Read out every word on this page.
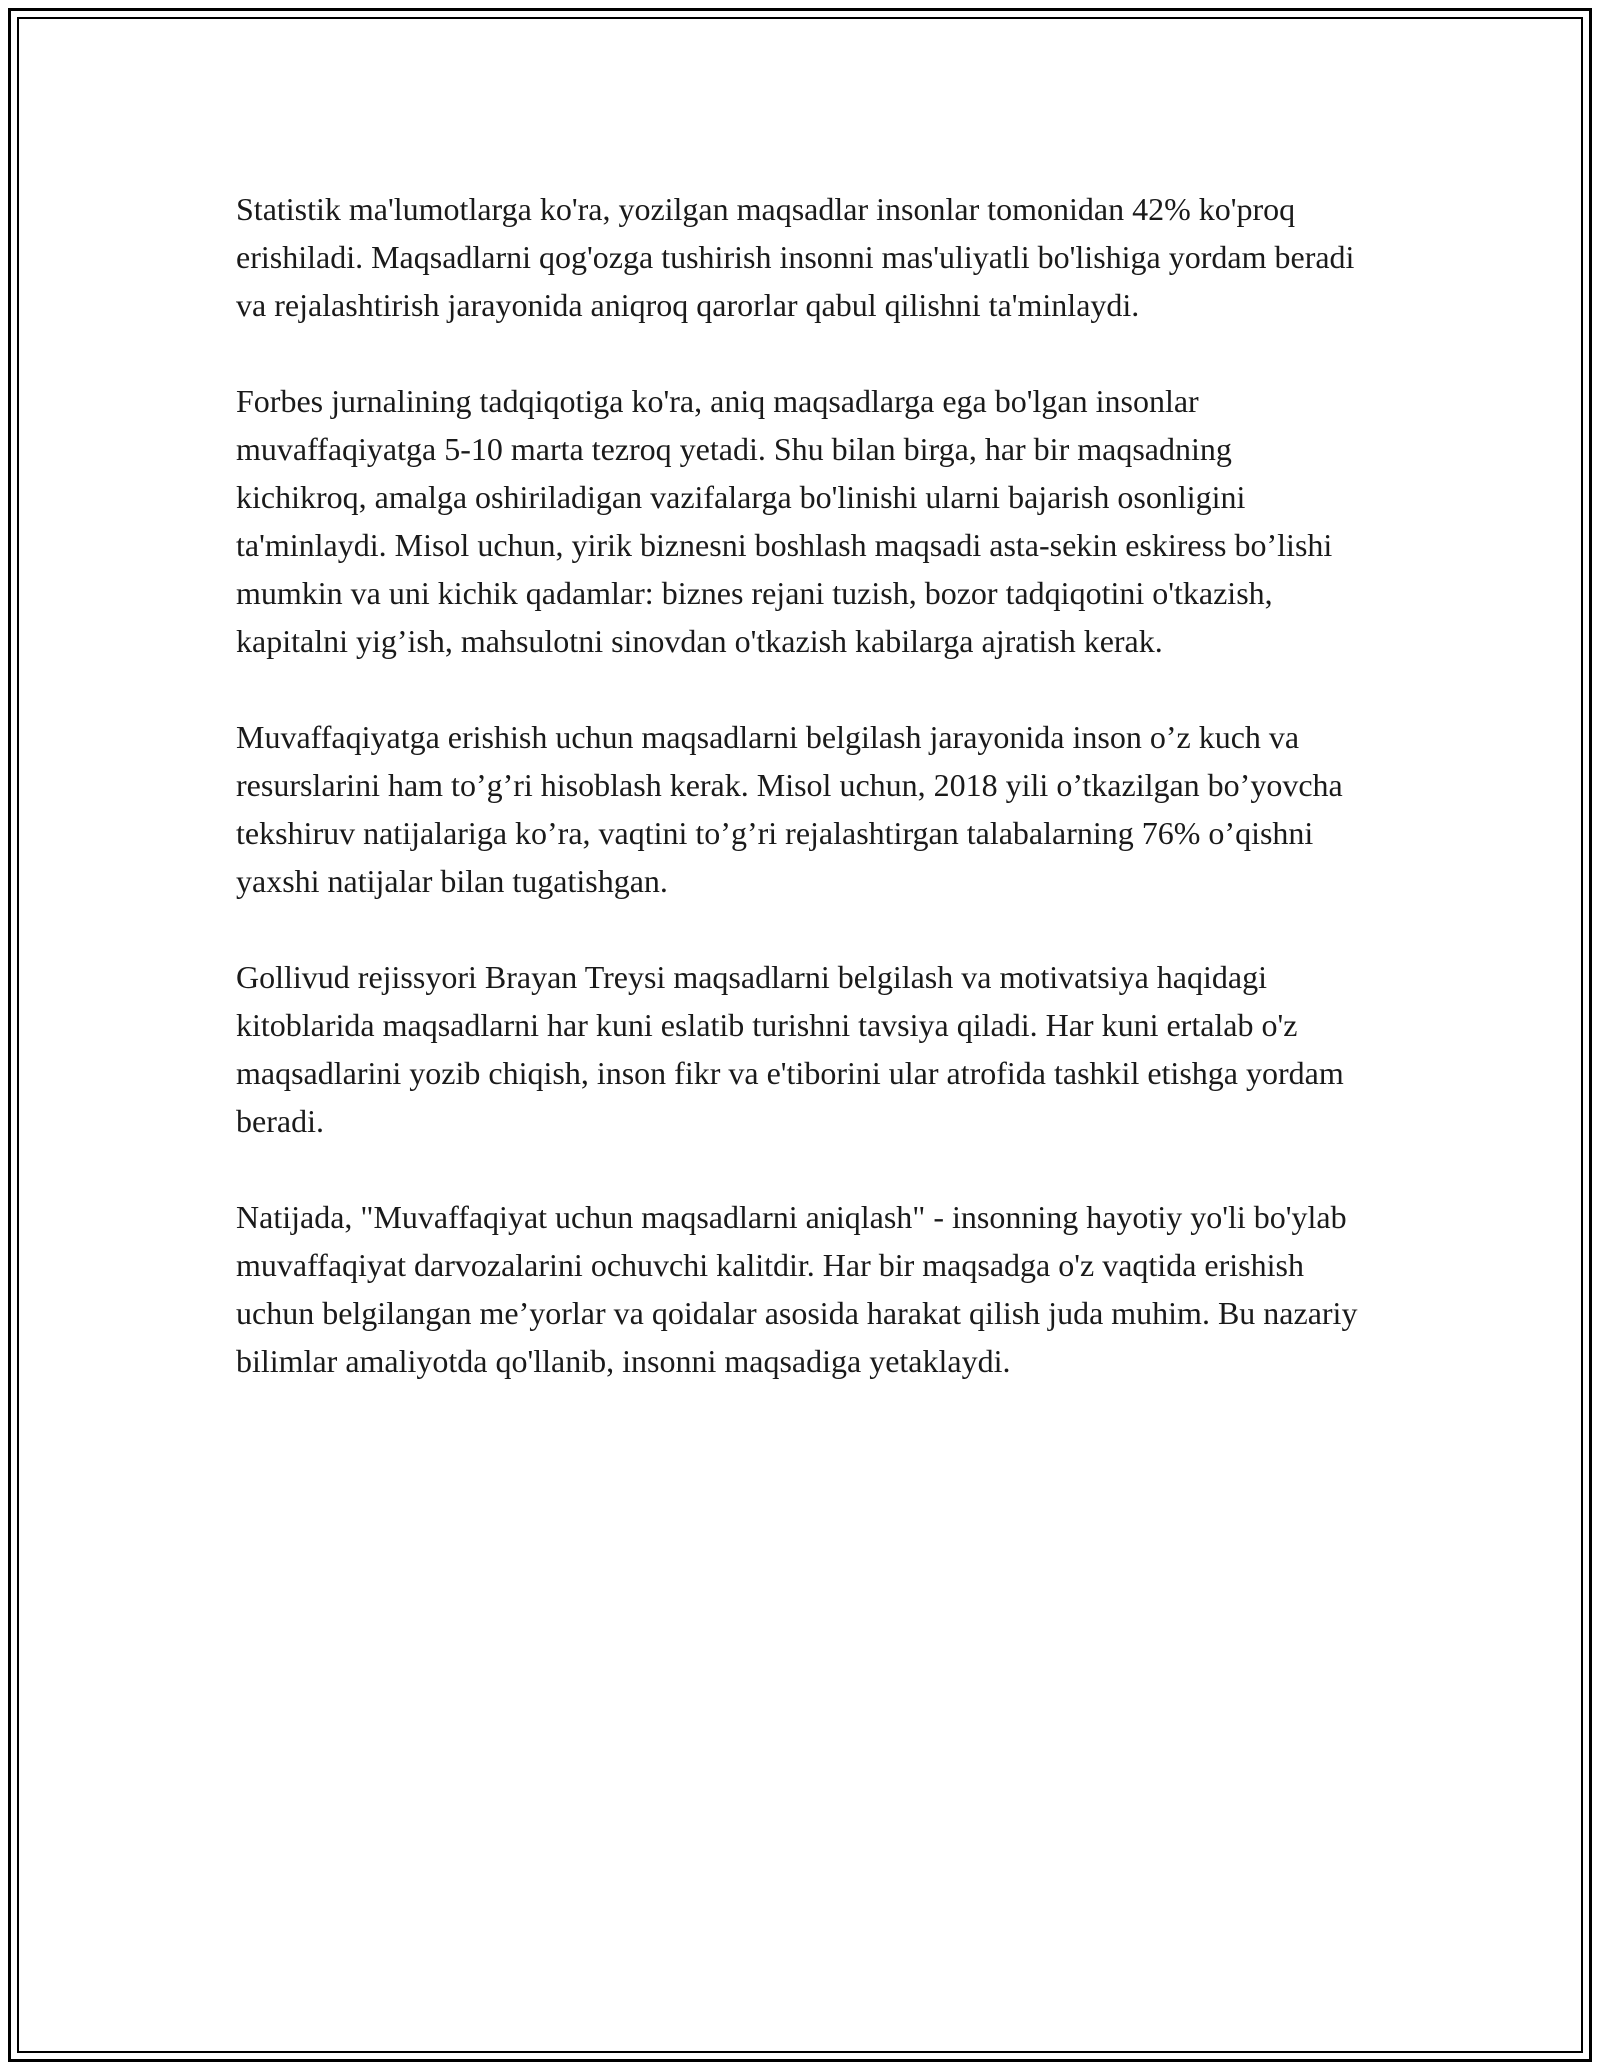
Statistik ma'lumotlarga ko'ra, yozilgan maqsadlar insonlar tomonidan 42% ko'proq erishiladi. Maqsadlarni qog'ozga tushirish insonni mas'uliyatli bo'lishiga yordam beradi va rejalashtirish jarayonida aniqroq qarorlar qabul qilishni ta'minlaydi.

Forbes jurnalining tadqiqotiga ko'ra, aniq maqsadlarga ega bo'lgan insonlar muvaffaqiyatga 5-10 marta tezroq yetadi. Shu bilan birga, har bir maqsadning kichikroq, amalga oshiriladigan vazifalarga bo'linishi ularni bajarish osonligini ta'minlaydi. Misol uchun, yirik biznesni boshlash maqsadi asta-sekin eskiress bo’lishi mumkin va uni kichik qadamlar: biznes rejani tuzish, bozor tadqiqotini o'tkazish, kapitalni yig’ish, mahsulotni sinovdan o'tkazish kabilarga ajratish kerak.

Muvaffaqiyatga erishish uchun maqsadlarni belgilash jarayonida inson o’z kuch va resurslarini ham to’g’ri hisoblash kerak. Misol uchun, 2018 yili o’tkazilgan bo’yovcha tekshiruv natijalariga ko’ra, vaqtini to’g’ri rejalashtirgan talabalarning 76% o’qishni yaxshi natijalar bilan tugatishgan.

Gollivud rejissyori Brayan Treysi maqsadlarni belgilash va motivatsiya haqidagi kitoblarida maqsadlarni har kuni eslatib turishni tavsiya qiladi. Har kuni ertalab o'z maqsadlarini yozib chiqish, inson fikr va e'tiborini ular atrofida tashkil etishga yordam beradi.

Natijada, "Muvaffaqiyat uchun maqsadlarni aniqlash" - insonning hayotiy yo'li bo'ylab muvaffaqiyat darvozalarini ochuvchi kalitdir. Har bir maqsadga o'z vaqtida erishish uchun belgilangan me’yorlar va qoidalar asosida harakat qilish juda muhim. Bu nazariy bilimlar amaliyotda qo'llanib, insonni maqsadiga yetaklaydi.
